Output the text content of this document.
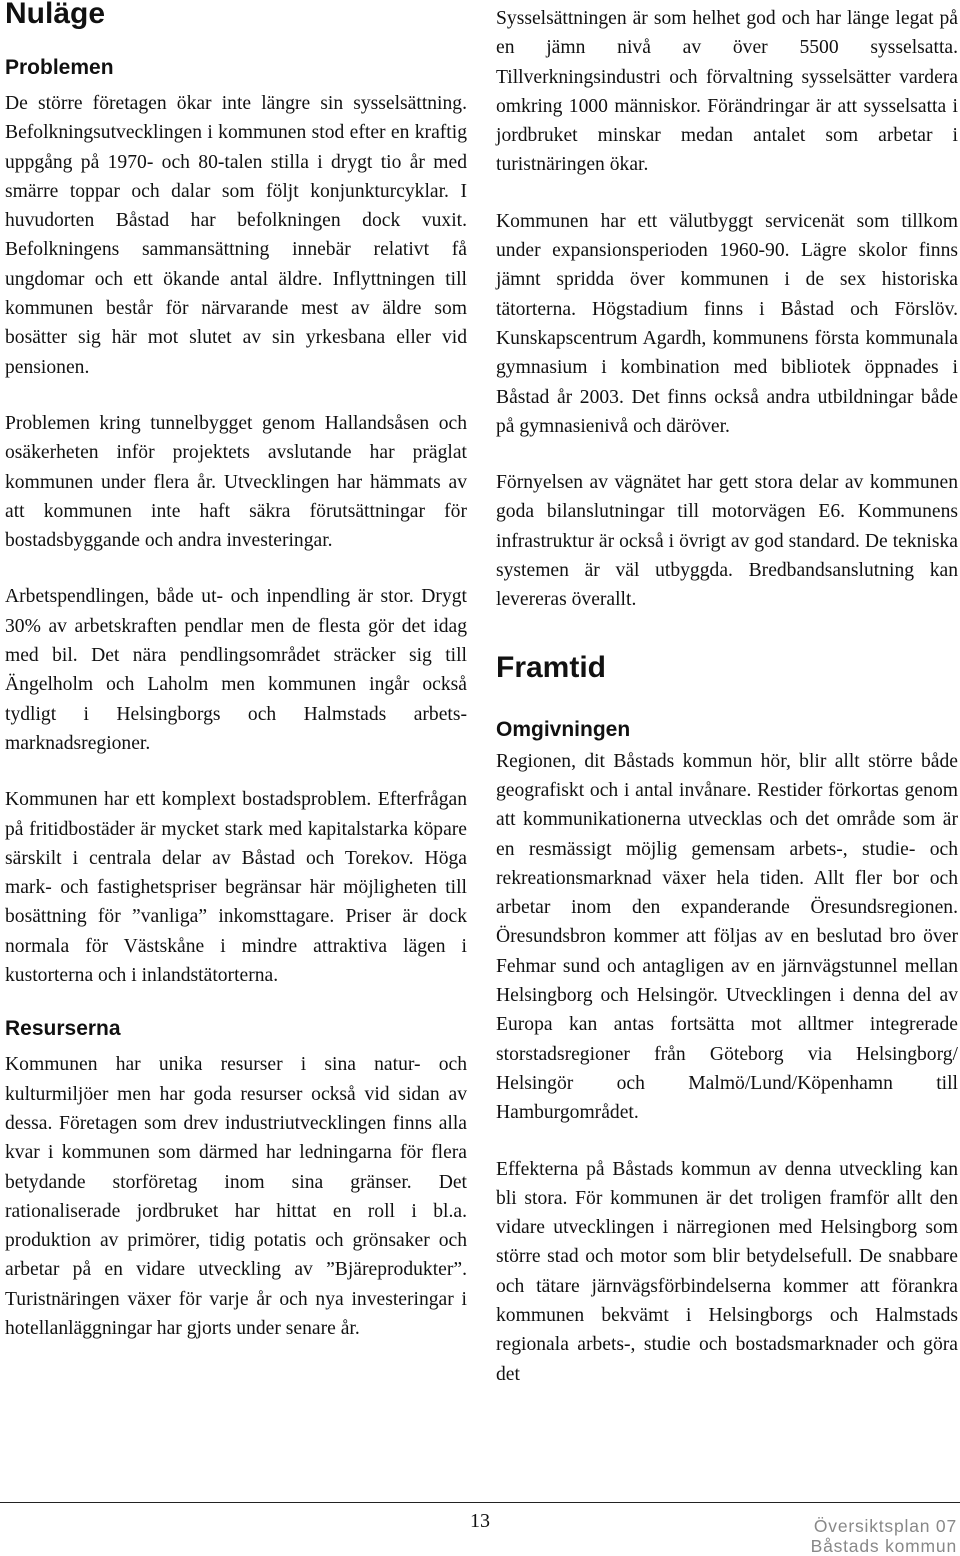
Nuläge
Problemen

De större företagen ökar inte längre sin sysselsättning. Befolkningsutvecklingen i kommunen stod efter en kraftig uppgång på 1970- och 80-talen stilla i drygt tio år med smärre toppar och dalar som följt konjunkturcyklar. I huvudorten Båstad har befolkningen dock vuxit. Befolkningens sammansättning innebär relativt få ungdomar och ett ökande antal äldre. Inflyttningen till kommunen består för närvarande mest av äldre som bosätter sig här mot slutet av sin yrkesbana eller vid pensionen.

Problemen kring tunnelbygget genom Hallandsåsen och osäkerheten inför projektets avslutande har präglat kommunen under flera år. Utvecklingen har hämmats av att kommunen inte haft säkra förutsättningar för bostadsbyggande och andra investeringar.

Arbetspendlingen, både ut- och inpendling är stor. Drygt 30% av arbetskraften pendlar men de flesta gör det idag med bil. Det nära pendlingsområdet sträcker sig till Ängelholm och Laholm men kommunen ingår också tydligt i Helsingborgs och Halmstads arbets-marknadsregioner.

Kommunen har ett komplext bostadsproblem. Efterfrågan på fritidbostäder är mycket stark med kapitalstarka köpare särskilt i centrala delar av Båstad och Torekov. Höga mark- och fastighetspriser begränsar här möjligheten till bosättning för ”vanliga” inkomsttagare. Priser är dock normala för Västskåne i mindre attraktiva lägen i kustorterna och i inlandstätorterna.

Resurserna

Kommunen har unika resurser i sina natur- och kulturmiljöer men har goda resurser också vid sidan av dessa. Företagen som drev industriutvecklingen finns alla kvar i kommunen som därmed har ledningarna för flera betydande storföretag inom sina gränser. Det rationaliserade jordbruket har hittat en roll i bl.a. produktion av primörer, tidig potatis och grönsaker och arbetar på en vidare utveckling av ”Bjäreprodukter”. Turistnäringen växer för varje år och nya investeringar i hotellanläggningar har gjorts under senare år.

Sysselsättningen är som helhet god och har länge legat på en jämn nivå av över 5500 sysselsatta. Tillverkningsindustri och förvaltning sysselsätter vardera omkring 1000 människor. Förändringar är att sysselsatta i jordbruket minskar medan antalet som arbetar i turistnäringen ökar.

Kommunen har ett välutbyggt servicenät som tillkom under expansionsperioden 1960-90. Lägre skolor finns jämnt spridda över kommunen i de sex historiska tätorterna. Högstadium finns i Båstad och Förslöv. Kunskapscentrum Agardh, kommunens första kommunala gymnasium i kombination med bibliotek öppnades i Båstad år 2003. Det finns också andra utbildningar både på gymnasienivå och däröver.

Förnyelsen av vägnätet har gett stora delar av kommunen goda bilanslutningar till motorvägen E6. Kommunens infrastruktur är också i övrigt av god standard. De tekniska systemen är väl utbyggda. Bredbandsanslutning kan levereras överallt.

Framtid
Omgivningen

Regionen, dit Båstads kommun hör, blir allt större både geografiskt och i antal invånare. Restider förkortas genom att kommunikationerna utvecklas och det område som är en resmässigt möjlig gemensam arbets-, studie- och rekreationsmarknad växer hela tiden. Allt fler bor och arbetar inom den expanderande Öresundsregionen. Öresundsbron kommer att följas av en beslutad bro över Fehmar sund och antagligen av en järnvägstunnel mellan Helsingborg och Helsingör. Utvecklingen i denna del av Europa kan antas fortsätta mot alltmer integrerade storstadsregioner från Göteborg via Helsingborg/ Helsingör och Malmö/Lund/Köpenhamn till Hamburgområdet.

Effekterna på Båstads kommun av denna utveckling kan bli stora. För kommunen är det troligen framför allt den vidare utvecklingen i närregionen med Helsingborg som större stad och motor som blir betydelsefull. De snabbare och tätare järnvägsförbindelserna kommer att förankra kommunen bekvämt i Helsingborgs och Halmstads regionala arbets-, studie och bostadsmarknader och göra det

13	Översiktsplan 07
Båstads kommun
